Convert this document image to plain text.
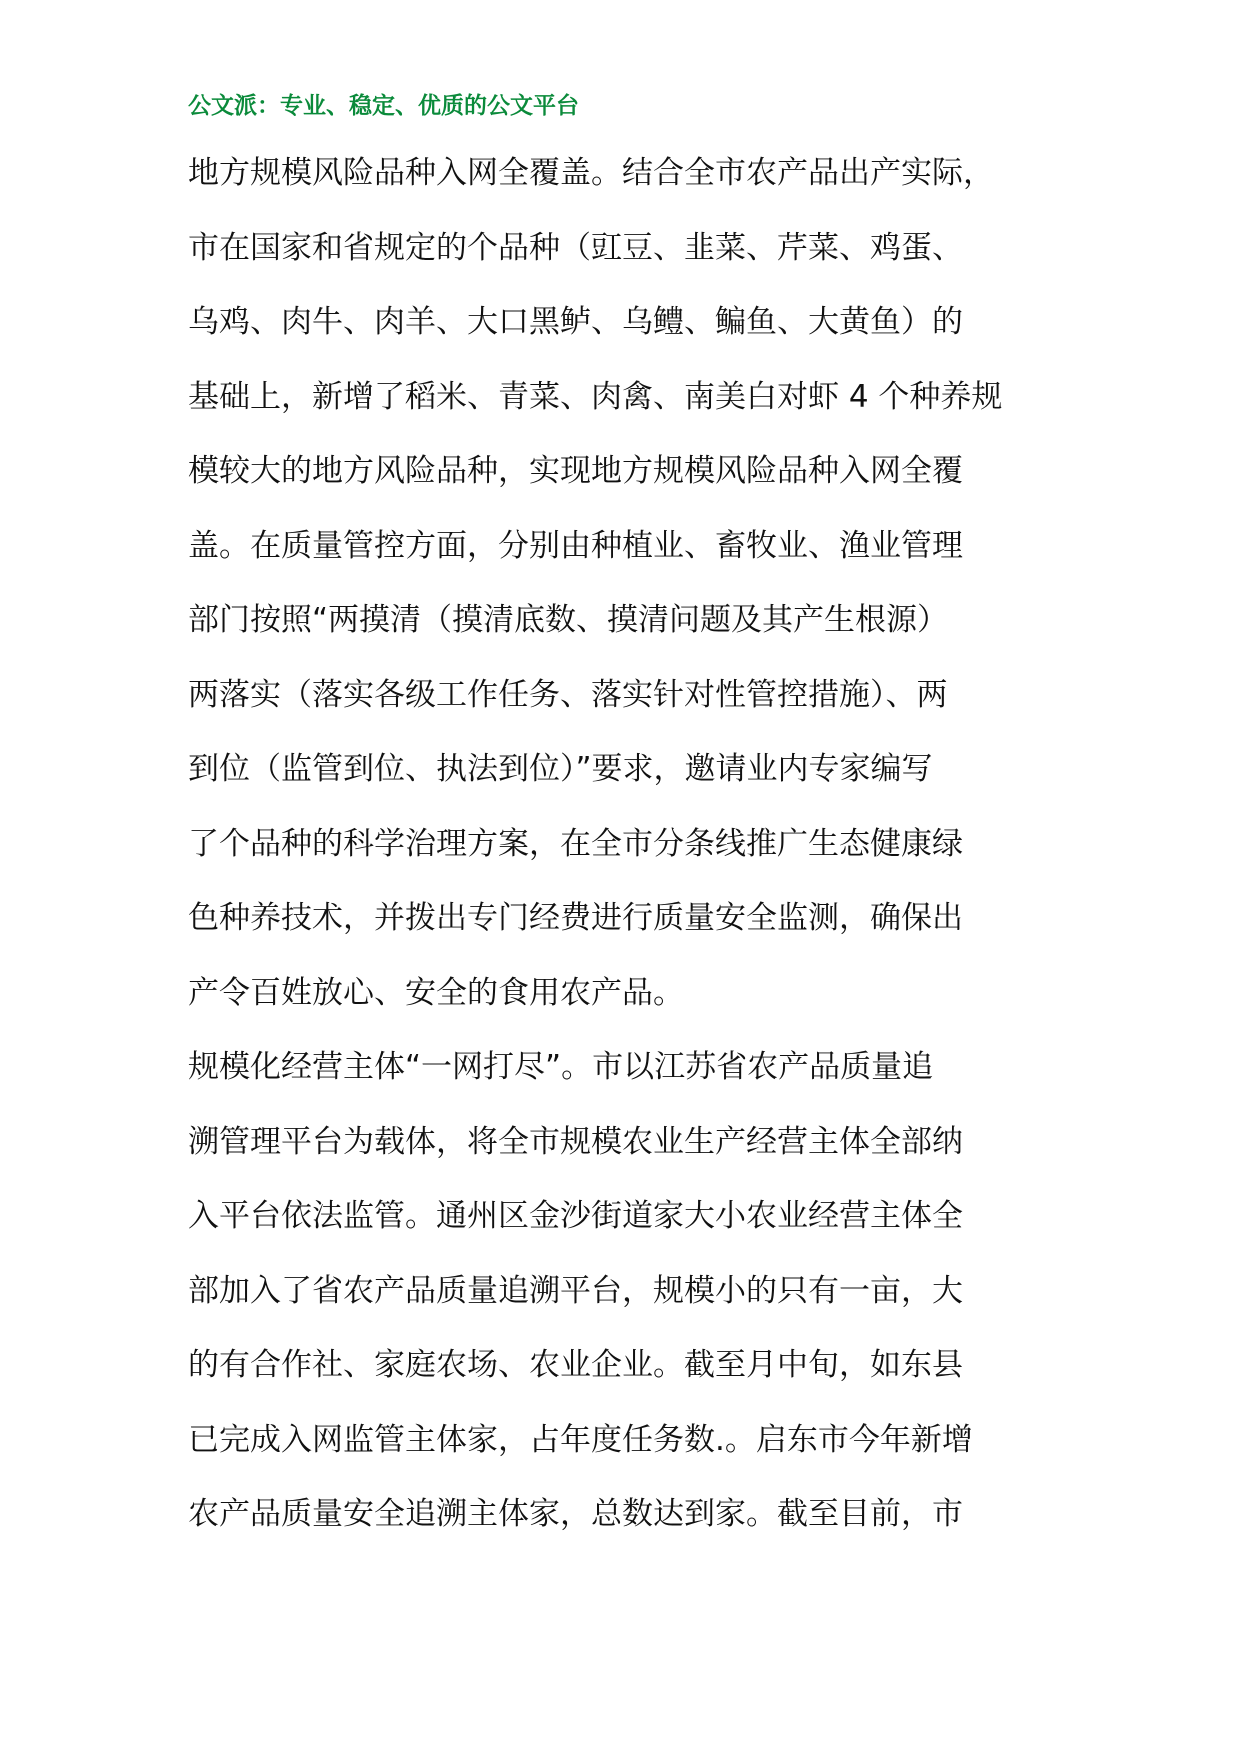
公文派：专业、稳定、优质的公文平台
地方规模风险品种入网全覆盖。结合全市农产品出产实际，
市在国家和省规定的个品种（豇豆、韭菜、芹菜、鸡蛋、
乌鸡、肉牛、肉羊、大口黑鲈、乌鳢、鳊鱼、大黄鱼）的
基础上，新增了稻米、青菜、肉禽、南美白对虾 4 个种养规
模较大的地方风险品种，实现地方规模风险品种入网全覆
盖。在质量管控方面，分别由种植业、畜牧业、渔业管理
部门按照“两摸清（摸清底数、摸清问题及其产生根源）
两落实（落实各级工作任务、落实针对性管控措施）、两
到位（监管到位、执法到位）”要求，邀请业内专家编写
了个品种的科学治理方案，在全市分条线推广生态健康绿
色种养技术，并拨出专门经费进行质量安全监测，确保出
产令百姓放心、安全的食用农产品。
规模化经营主体“一网打尽”。市以江苏省农产品质量追
溯管理平台为载体，将全市规模农业生产经营主体全部纳
入平台依法监管。通州区金沙街道家大小农业经营主体全
部加入了省农产品质量追溯平台，规模小的只有一亩，大
的有合作社、家庭农场、农业企业。截至月中旬，如东县
已完成入网监管主体家，占年度任务数.。启东市今年新增
农产品质量安全追溯主体家，总数达到家。截至目前，市
